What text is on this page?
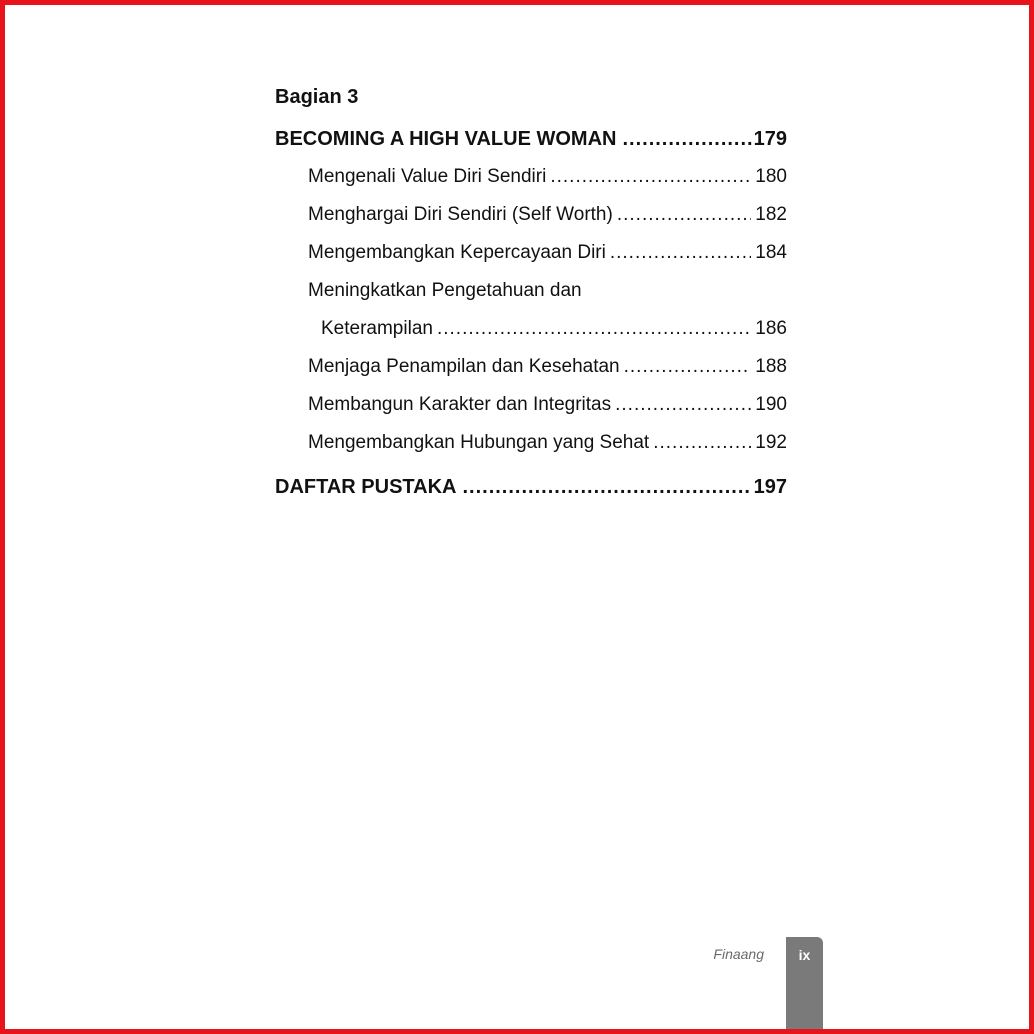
Bagian 3
BECOMING A HIGH VALUE WOMAN .....	179
Mengenali Value Diri Sendiri .....	180
Menghargai Diri Sendiri (Self Worth) .....	182
Mengembangkan Kepercayaan Diri .....	184
Meningkatkan Pengetahuan dan
Keterampilan .....	186
Menjaga Penampilan dan Kesehatan .....	188
Membangun Karakter dan Integritas .....	190
Mengembangkan Hubungan yang Sehat .....	192
DAFTAR PUSTAKA .....	197
Finaang	ix
